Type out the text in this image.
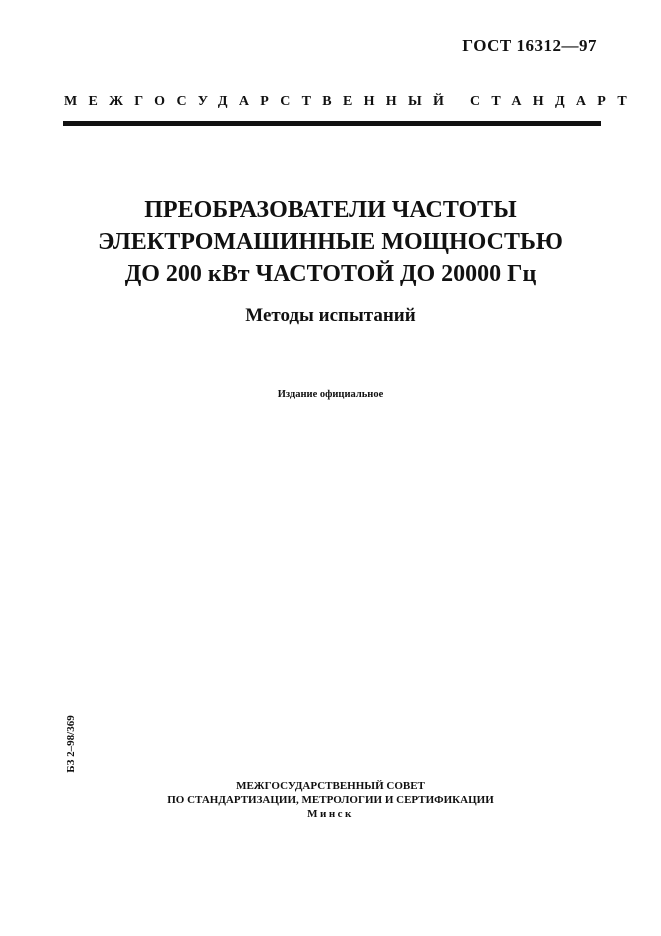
ГОСТ 16312—97
МЕЖГОСУДАРСТВЕННЫЙ СТАНДАРТ
ПРЕОБРАЗОВАТЕЛИ ЧАСТОТЫ
ЭЛЕКТРОМАШИННЫЕ МОЩНОСТЬЮ
ДО 200 кВт ЧАСТОТОЙ ДО 20000 Гц
Методы испытаний
Издание официальное
БЗ 2–98/369
МЕЖГОСУДАРСТВЕННЫЙ СОВЕТ
ПО СТАНДАРТИЗАЦИИ, МЕТРОЛОГИИ И СЕРТИФИКАЦИИ
Минск
